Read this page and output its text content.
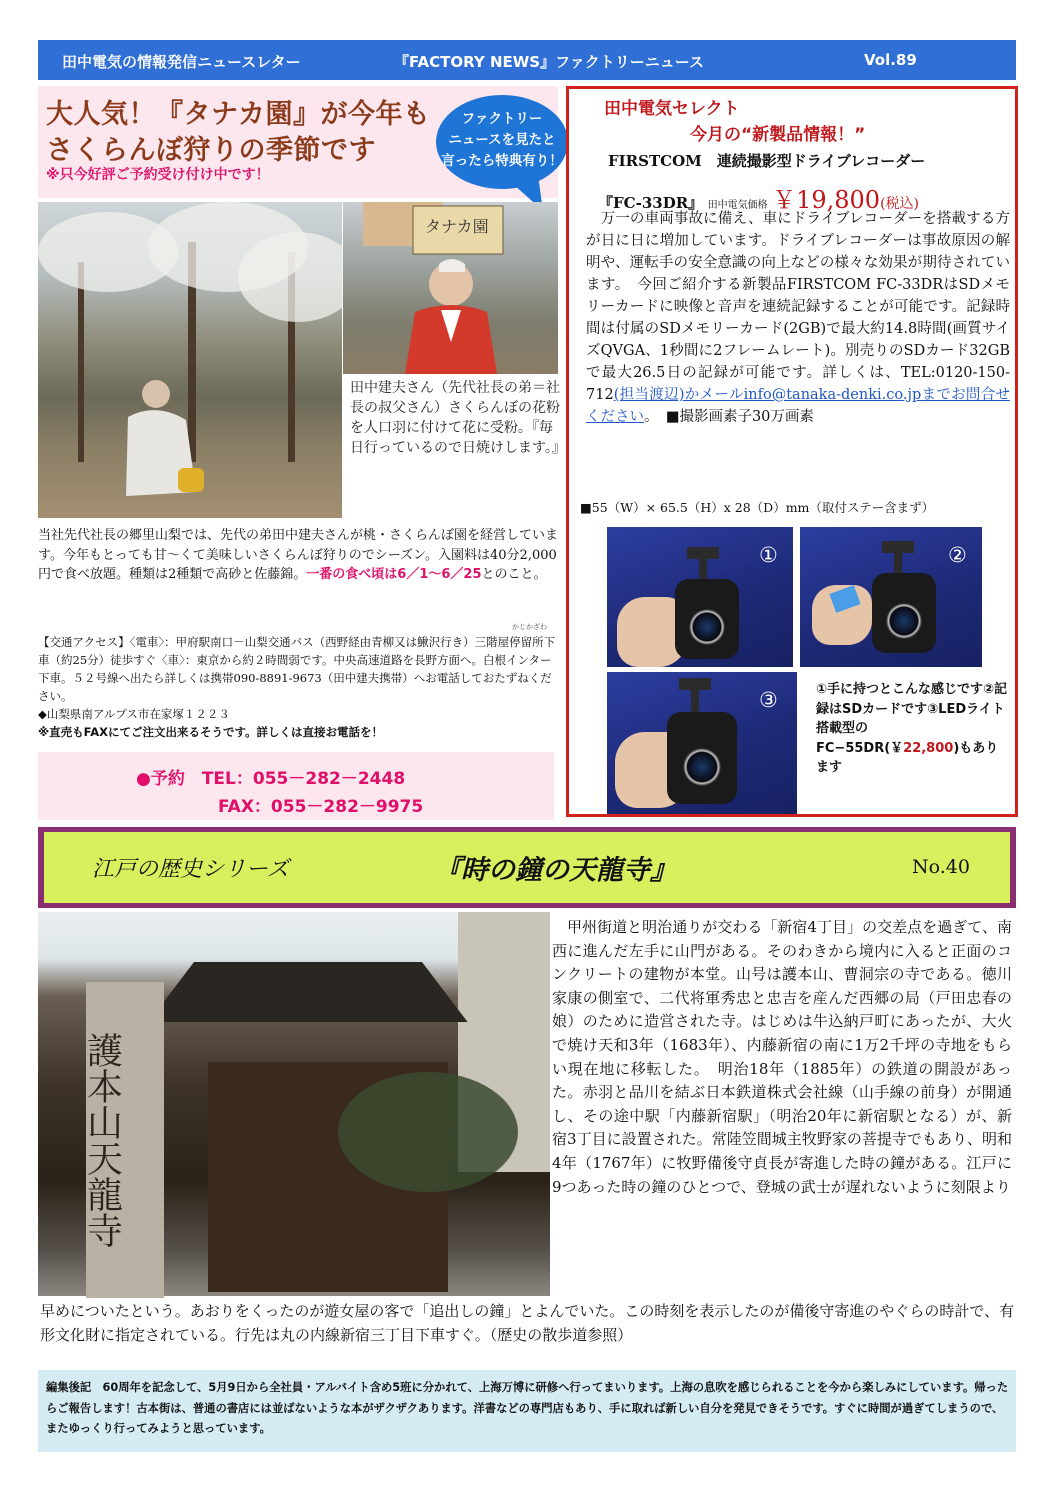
田中電気の情報発信ニュースレター	『FACTORY NEWS』ファクトリーニュース	Vol.89
大人気！『タナカ園』が今年も
さくらんぼ狩りの季節です
※只今好評ご予約受け付け中です！
ファクトリー
ニュースを見たと
言ったら特典有り！
タナカ園
田中建夫さん（先代社長の弟＝社長の叔父さん）さくらんぼの花粉を人口羽に付けて花に受粉。『毎日行っているので日焼けします。』
当社先代社長の郷里山梨では、先代の弟田中建夫さんが桃・さくらんぼ園を経営しています。今年もとっても甘〜くて美味しいさくらんぼ狩りのでシーズン。入園料は40分2,000円で食べ放題。種類は2種類で高砂と佐藤錦。一番の食べ頃は6／1〜6／25とのこと。
かじかざわ
【交通アクセス】〈電車〉：甲府駅南口－山梨交通バス（西野経由青柳又は鰍沢行き）三階屋停留所下車（約25分）徒歩すぐ〈車〉：東京から約２時間弱です。中央高速道路を長野方面へ。白根インター下車。５２号線へ出たら詳しくは携帯090-8891-9673（田中建夫携帯）へお電話しておたずねください。
◆山梨県南アルプス市在家塚１２２３
※直売もFAXにてご注文出来るそうです。詳しくは直接お電話を！
●予約　TEL：055－282－2448
FAX：055－282－9975
田中電気セレクト
今月の“新製品情報！”
FIRSTCOM　連続撮影型ドライブレコーダー
『FC-33DR』 田中電気価格 ￥19,800(税込)
　万一の車両事故に備え、車にドライブレコーダーを搭載する方が日に日に増加しています。ドライブレコーダーは事故原因の解明や、運転手の安全意識の向上などの様々な効果が期待されています。　今回ご紹介する新製品FIRSTCOM FC-33DRはSDメモリーカードに映像と音声を連続記録することが可能です。記録時間は付属のSDメモリーカード(2GB)で最大約14.8時間(画質サイズQVGA、1秒間に2フレームレート)。別売りのSDカード32GBで最大26.5日の記録が可能です。詳しくは、TEL:0120-150-712(担当渡辺)かメールinfo@tanaka-denki.co.jpまでお問合せください。　■撮影画素子30万画素
■55（W）× 65.5（H）x 28（D）mm（取付ステー含まず）
①	②
③	①手に持つとこんな感じです②記録はSDカードです③LEDライト搭載型のFC−55DR(￥22,800)もあります
江戸の歴史シリーズ	『時の鐘の天龍寺』	No.40
護本山天龍寺
　甲州街道と明治通りが交わる「新宿4丁目」の交差点を過ぎて、南西に進んだ左手に山門がある。そのわきから境内に入ると正面のコンクリートの建物が本堂。山号は護本山、曹洞宗の寺である。徳川家康の側室で、二代将軍秀忠と忠吉を産んだ西郷の局（戸田忠春の娘）のために造営された寺。はじめは牛込納戸町にあったが、大火で焼け天和3年（1683年）、内藤新宿の南に1万2千坪の寺地をもらい現在地に移転した。　明治18年（1885年）の鉄道の開設があった。赤羽と品川を結ぶ日本鉄道株式会社線（山手線の前身）が開通し、その途中駅「内藤新宿駅」（明治20年に新宿駅となる）が、新宿3丁目に設置された。常陸笠間城主牧野家の菩提寺でもあり、明和4年（1767年）に牧野備後守貞長が寄進した時の鐘がある。江戸に9つあった時の鐘のひとつで、登城の武士が遅れないように刻限より
早めについたという。あおりをくったのが遊女屋の客で「追出しの鐘」とよんでいた。この時刻を表示したのが備後守寄進のやぐらの時計で、有形文化財に指定されている。行先は丸の内線新宿三丁目下車すぐ。（歴史の散歩道参照）

編集後記　60周年を記念して、5月9日から全社員・アルバイト含め5班に分かれて、上海万博に研修へ行ってまいります。上海の息吹を感じられることを今から楽しみにしています。帰ったらご報告します！古本街は、普通の書店には並ばないような本がザクザクあります。洋書などの専門店もあり、手に取れば新しい自分を発見できそうです。すぐに時間が過ぎてしまうので、またゆっくり行ってみようと思っています。
